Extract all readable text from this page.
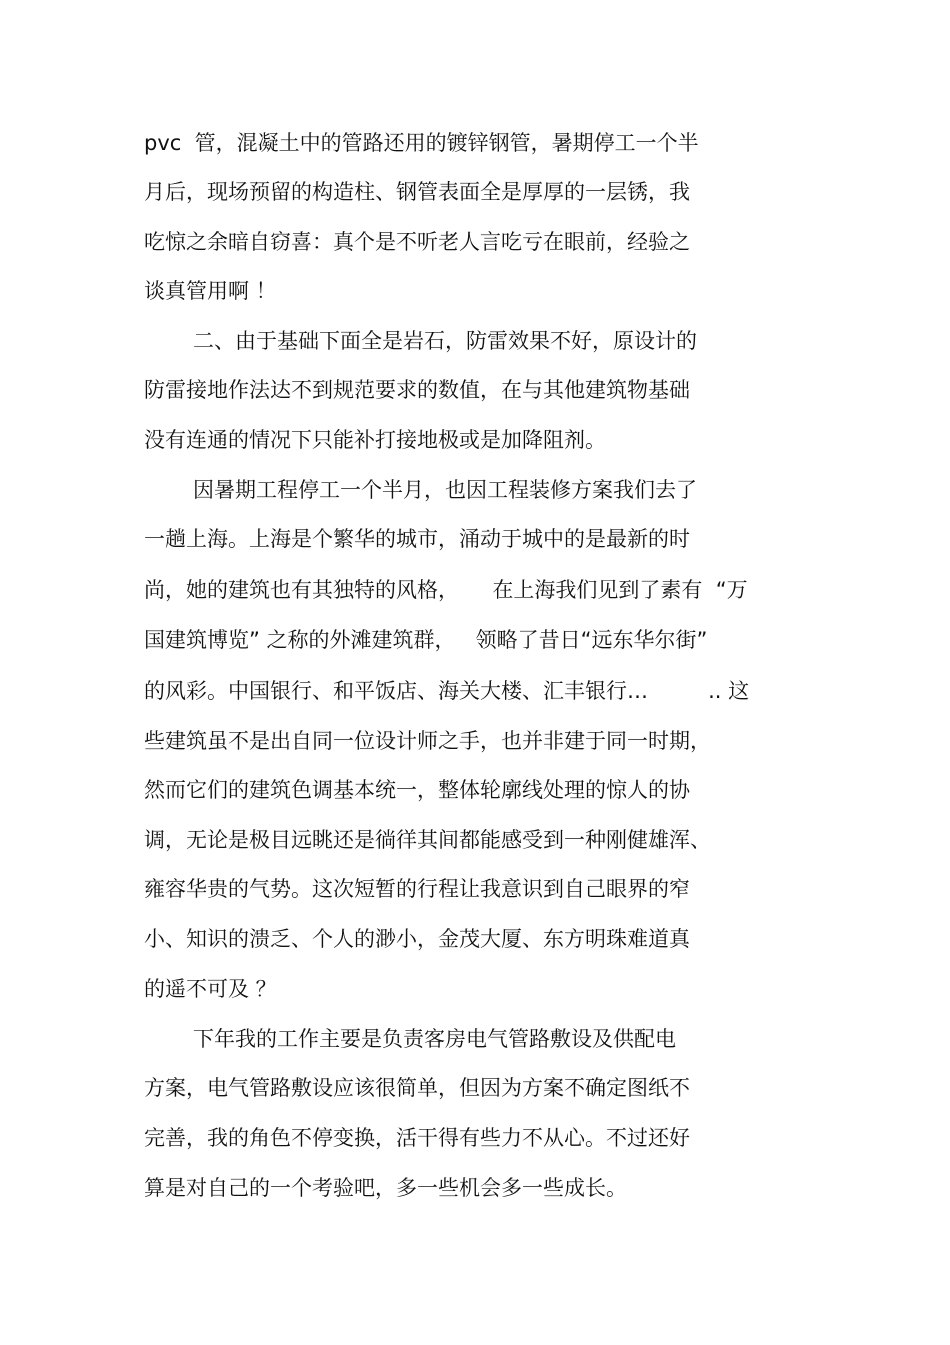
pvc  管，混凝土中的管路还用的镀锌钢管，暑期停工一个半

月后，现场预留的构造柱、钢管表面全是厚厚的一层锈，我

吃惊之余暗自窃喜：真个是不听老人言吃亏在眼前，经验之

谈真管用啊 ！

二、由于基础下面全是岩石，防雷效果不好，原设计的

防雷接地作法达不到规范要求的数值，在与其他建筑物基础

没有连通的情况下只能补打接地极或是加降阻剂。

因暑期工程停工一个半月，也因工程装修方案我们去了

一趟上海。上海是个繁华的城市，涌动于城中的是最新的时

尚，她的建筑也有其独特的风格，     在上海我们见到了素有  “万

国建筑博览” 之称的外滩建筑群，   领略了昔日“远东华尔街”

的风彩。中国银行、和平饭店、海关大楼、汇丰银行…         .. 这

些建筑虽不是出自同一位设计师之手，也并非建于同一时期，

然而它们的建筑色调基本统一，整体轮廓线处理的惊人的协

调，无论是极目远眺还是徜徉其间都能感受到一种刚健雄浑、

雍容华贵的气势。这次短暂的行程让我意识到自己眼界的窄

小、知识的溃乏、个人的渺小，金茂大厦、东方明珠难道真

的遥不可及 ？

下年我的工作主要是负责客房电气管路敷设及供配电

方案，电气管路敷设应该很简单，但因为方案不确定图纸不

完善，我的角色不停变换，活干得有些力不从心。不过还好

算是对自己的一个考验吧，多一些机会多一些成长。
